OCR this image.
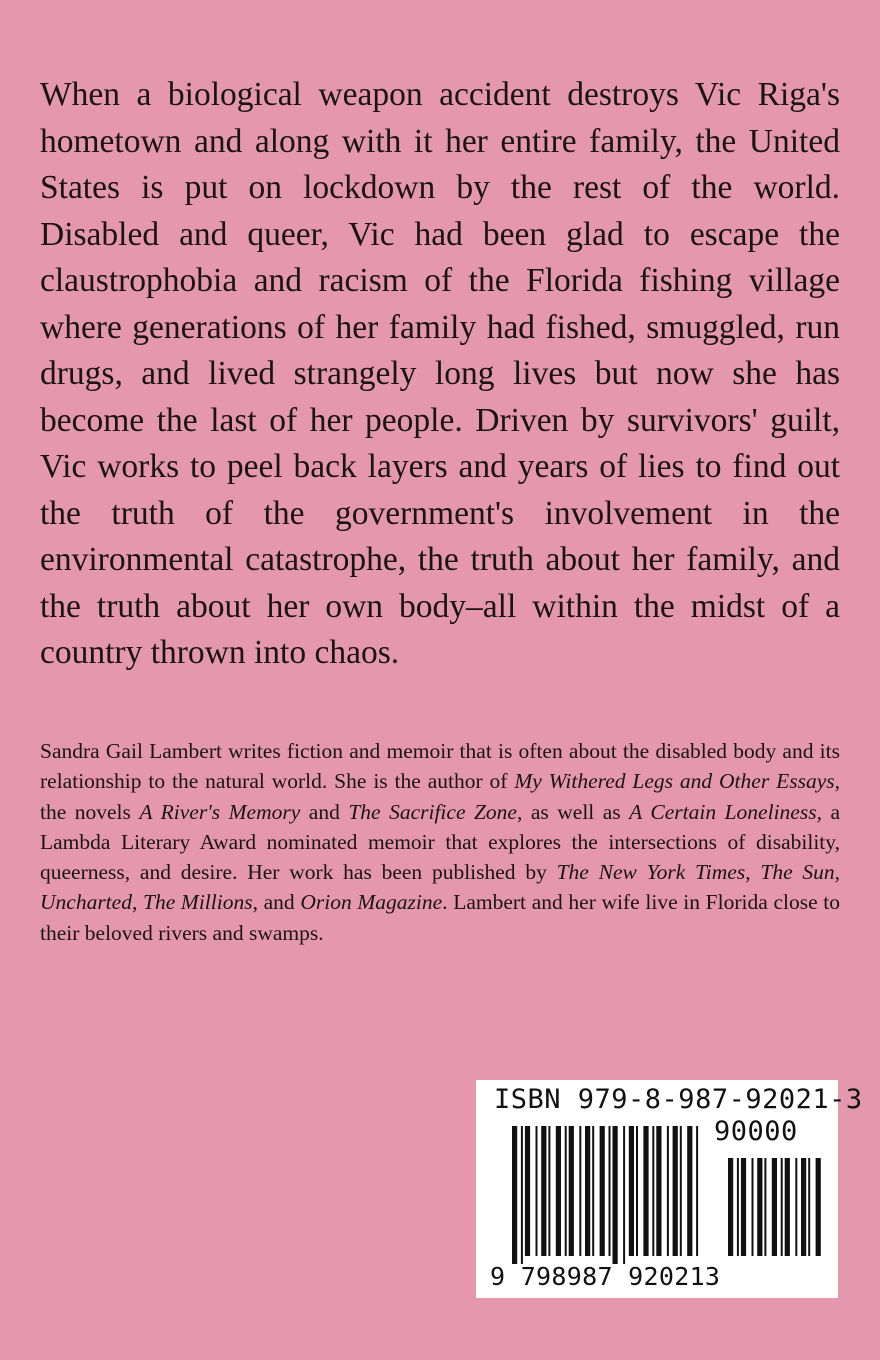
When a biological weapon accident destroys Vic Riga's hometown and along with it her entire family, the United States is put on lockdown by the rest of the world. Disabled and queer, Vic had been glad to escape the claustrophobia and racism of the Florida fishing village where generations of her family had fished, smuggled, run drugs, and lived strangely long lives but now she has become the last of her people. Driven by survivors' guilt, Vic works to peel back layers and years of lies to find out the truth of the government's involvement in the environmental catastrophe, the truth about her family, and the truth about her own body–all within the midst of a country thrown into chaos.

Sandra Gail Lambert writes fiction and memoir that is often about the disabled body and its relationship to the natural world. She is the author of My Withered Legs and Other Essays, the novels A River's Memory and The Sacrifice Zone, as well as A Certain Loneliness, a Lambda Literary Award nominated memoir that explores the intersections of disability, queerness, and desire. Her work has been published by The New York Times, The Sun, Uncharted, The Millions, and Orion Magazine. Lambert and her wife live in Florida close to their beloved rivers and swamps.

ISBN 979-8-987-92021-3
90000
9 798987 920213
